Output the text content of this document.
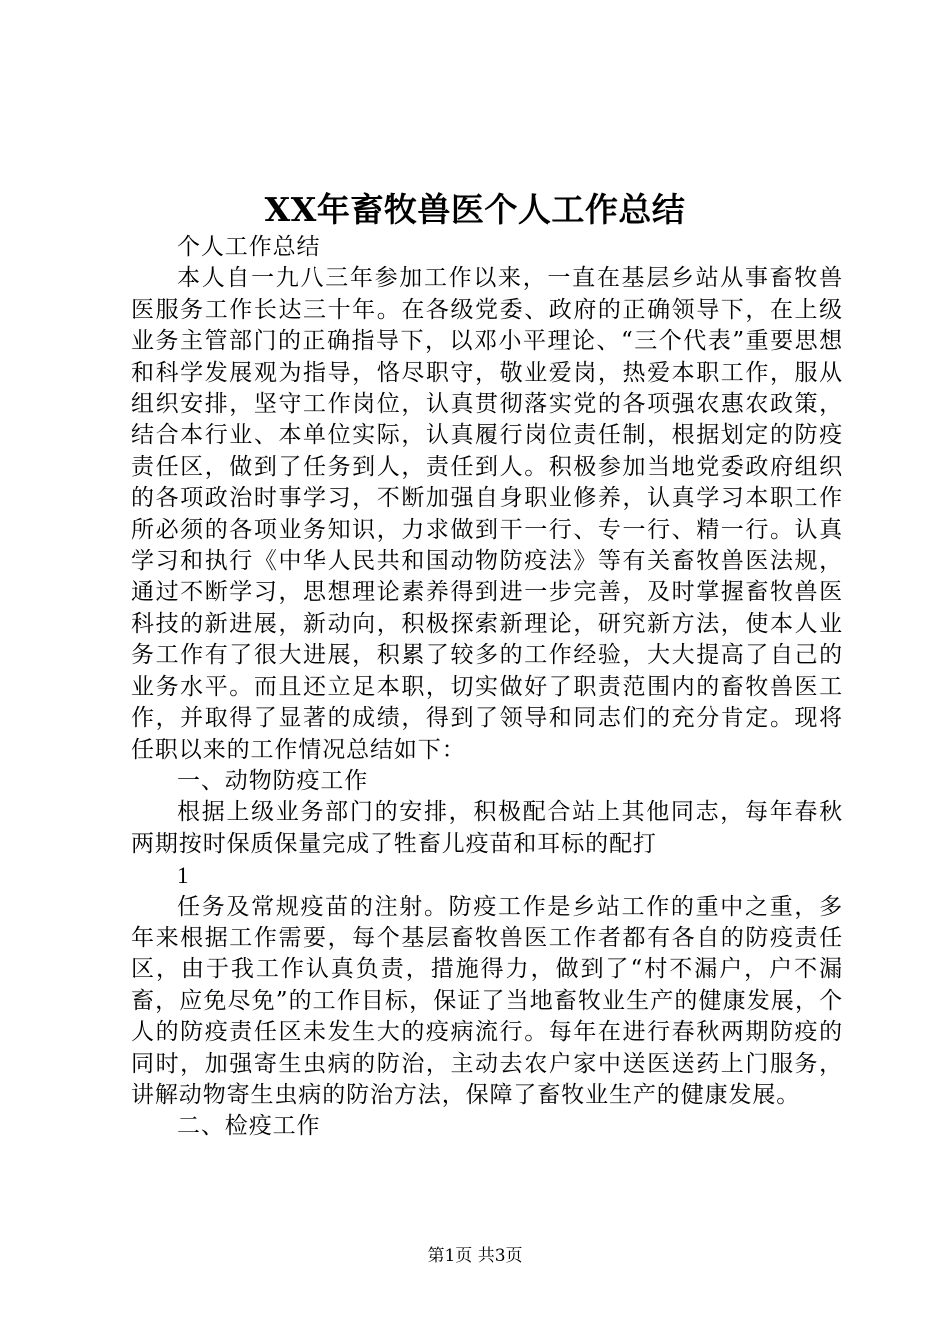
XX年畜牧兽医个人工作总结

个人工作总结

本人自一九八三年参加工作以来，一直在基层乡站从事畜牧兽医服务工作长达三十年。在各级党委、政府的正确领导下，在上级业务主管部门的正确指导下，以邓小平理论、“三个代表”重要思想和科学发展观为指导，恪尽职守，敬业爱岗，热爱本职工作，服从组织安排，坚守工作岗位，认真贯彻落实党的各项强农惠农政策，结合本行业、本单位实际，认真履行岗位责任制，根据划定的防疫责任区，做到了任务到人，责任到人。积极参加当地党委政府组织的各项政治时事学习，不断加强自身职业修养，认真学习本职工作所必须的各项业务知识，力求做到干一行、专一行、精一行。认真学习和执行《中华人民共和国动物防疫法》等有关畜牧兽医法规，通过不断学习，思想理论素养得到进一步完善，及时掌握畜牧兽医科技的新进展，新动向，积极探索新理论，研究新方法，使本人业务工作有了很大进展，积累了较多的工作经验，大大提高了自己的业务水平。而且还立足本职，切实做好了职责范围内的畜牧兽医工作，并取得了显著的成绩，得到了领导和同志们的充分肯定。现将任职以来的工作情况总结如下：

一、动物防疫工作

根据上级业务部门的安排，积极配合站上其他同志，每年春秋两期按时保质保量完成了牲畜儿疫苗和耳标的配打

1

任务及常规疫苗的注射。防疫工作是乡站工作的重中之重，多年来根据工作需要，每个基层畜牧兽医工作者都有各自的防疫责任区，由于我工作认真负责，措施得力，做到了“村不漏户，户不漏畜，应免尽免”的工作目标，保证了当地畜牧业生产的健康发展，个人的防疫责任区未发生大的疫病流行。每年在进行春秋两期防疫的同时，加强寄生虫病的防治，主动去农户家中送医送药上门服务，讲解动物寄生虫病的防治方法，保障了畜牧业生产的健康发展。

二、检疫工作

第1页 共3页
